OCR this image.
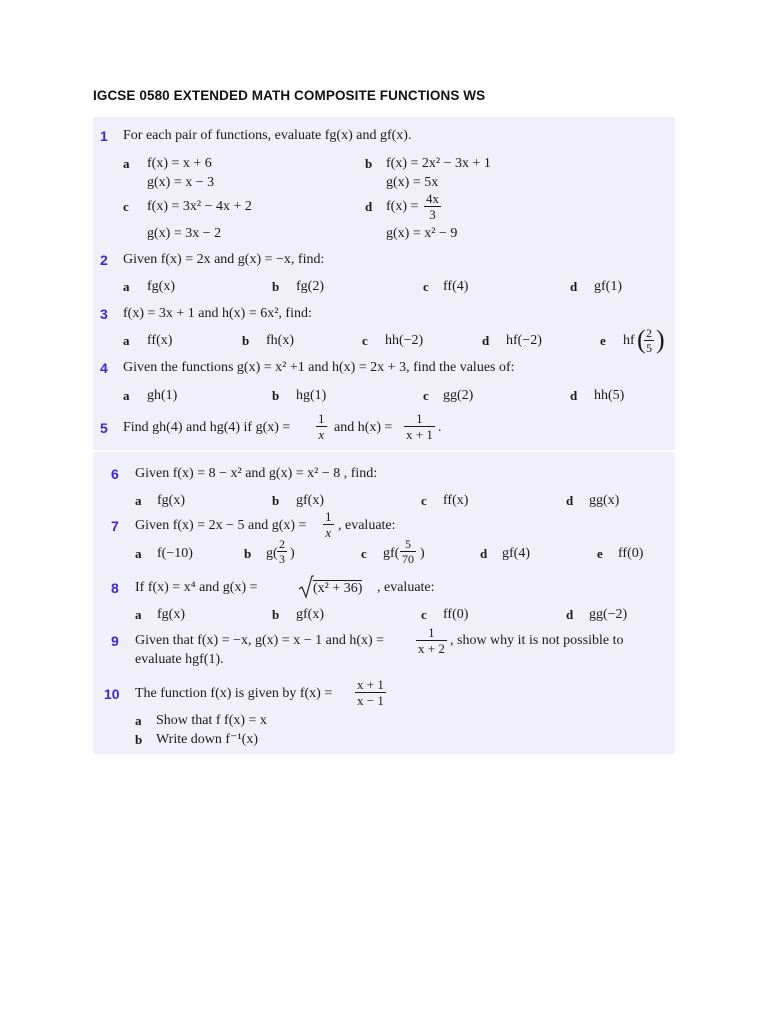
IGCSE 0580 EXTENDED MATH COMPOSITE FUNCTIONS WS
1 For each pair of functions, evaluate fg(x) and gf(x).
a f(x) = x + 6
g(x) = x − 3
b f(x) = 2x² − 3x + 1
g(x) = 5x
c f(x) = 3x² − 4x + 2
g(x) = 3x − 2
d $f(x) = \frac{4x}{3}$
g(x) = x² − 9
2 Given f(x) = 2x and g(x) = −x, find:
a fg(x)	b fg(2)	c ff(4)	d gf(1)
3 f(x) = 3x + 1 and h(x) = 6x², find:
a ff(x)	b fh(x)	c hh(−2)	d hf(−2)	e hf (
$\frac{2}{5}$ )
4 Given the functions g(x) = x² +1 and h(x) = 2x + 3, find the values of:
a gh(1)	b hg(1)	c gg(2)	d hh(5)
5 Find gh(4) and hg(4) if $g(x) = \frac{1}{x}$ and $h(x) = \frac{1}{x + 1}$ .
6 Given f(x) = 8 − x² and g(x) = x² − 8 , find:
a fg(x)	b gf(x)	c ff(x)	d gg(x)
7 Given f(x) = 2x − 5 and $g(x) = \frac{1}{x}$ , evaluate:
a f(−10)	b $g( \frac{2}{3}$ )	c $gf( \frac{5}{70}$ )	d gf(4)	e ff(0)
8 If f(x) = x⁴ and g(x) =	(x² + 36) , evaluate:
a fg(x)	b gf(x)	c ff(0)	d gg(−2)
9 Given that f(x) = −x, g(x) = x − 1 and $h(x) = \frac{1}{x + 2}$ , show why it is not possible to
evaluate hgf(1).
10 The function f(x) is given by $f(x) = \frac{x + 1}{x - 1}$
a Show that f f(x) = x
b Write down f⁻¹(x)
